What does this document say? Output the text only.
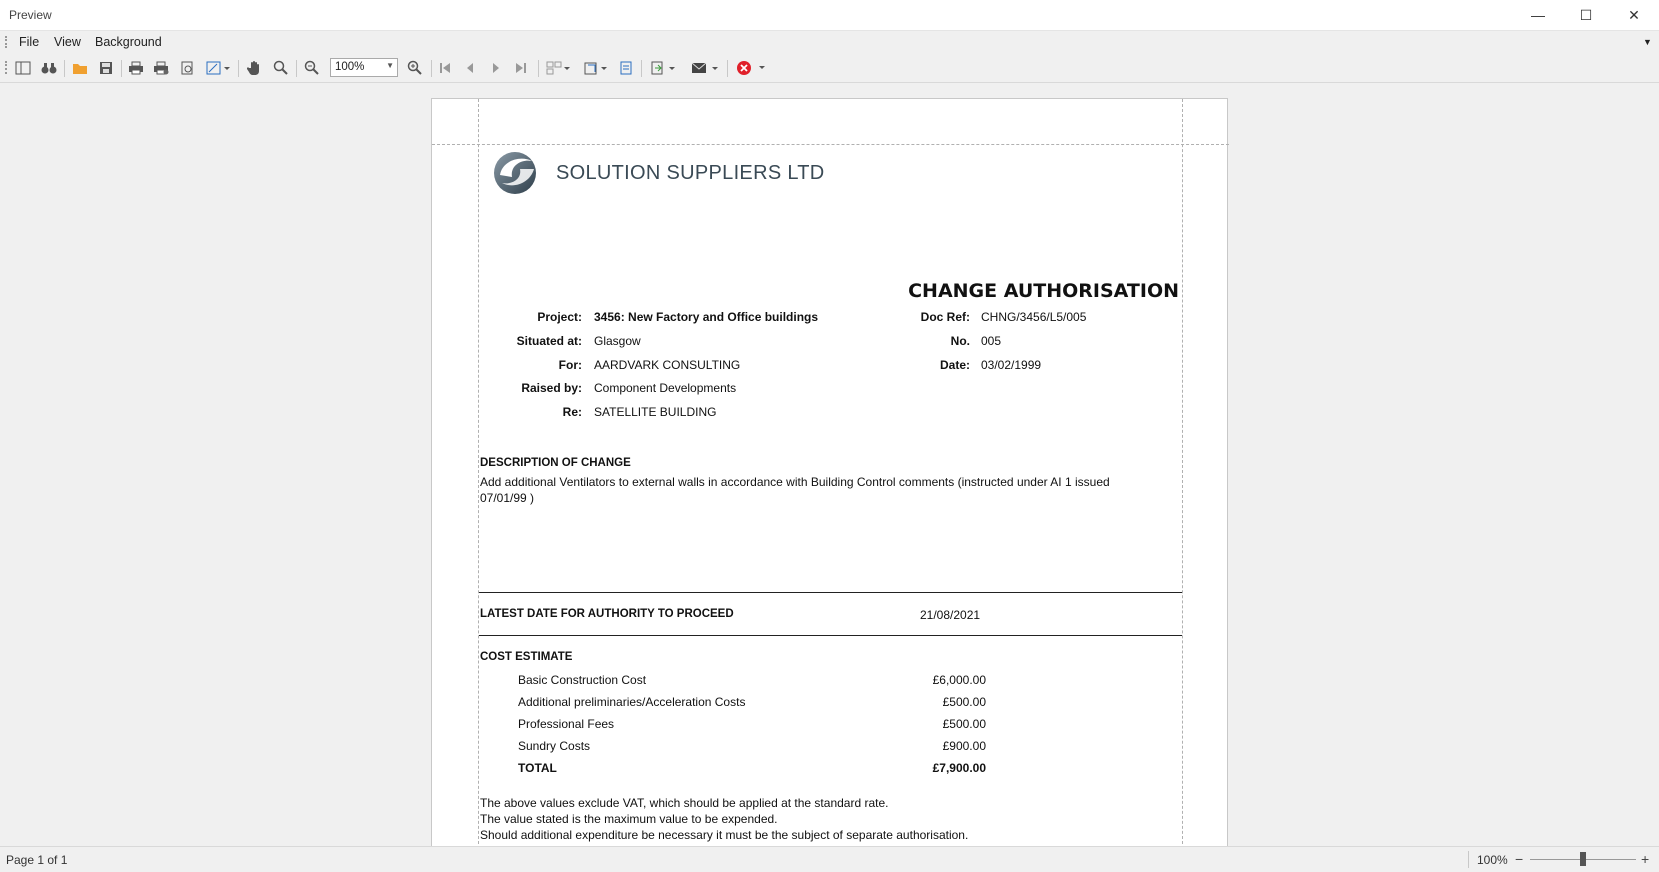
Preview	—	☐	✕
File View Background	▼
100%	▼
SOLUTION SUPPLIERS LTD
CHANGE AUTHORISATION
Project: 3456: New Factory and Office buildings
Situated at: Glasgow
For: AARDVARK CONSULTING
Raised by: Component Developments
Re: SATELLITE BUILDING
Doc Ref: CHNG/3456/L5/005
No. 005
Date: 03/02/1999
DESCRIPTION OF CHANGE
Add additional Ventilators to external walls in accordance with Building Control comments (instructed under AI 1 issued
07/01/99 )
LATEST DATE FOR AUTHORITY TO PROCEED	21/08/2021
COST ESTIMATE
Basic Construction Cost	£6,000.00
Additional preliminaries/Acceleration Costs	£500.00
Professional Fees	£500.00
Sundry Costs	£900.00
TOTAL	£7,900.00
The above values exclude VAT, which should be applied at the standard rate.
The value stated is the maximum value to be expended.
Should additional expenditure be necessary it must be the subject of separate authorisation.
Page 1 of 1	100% −	+
